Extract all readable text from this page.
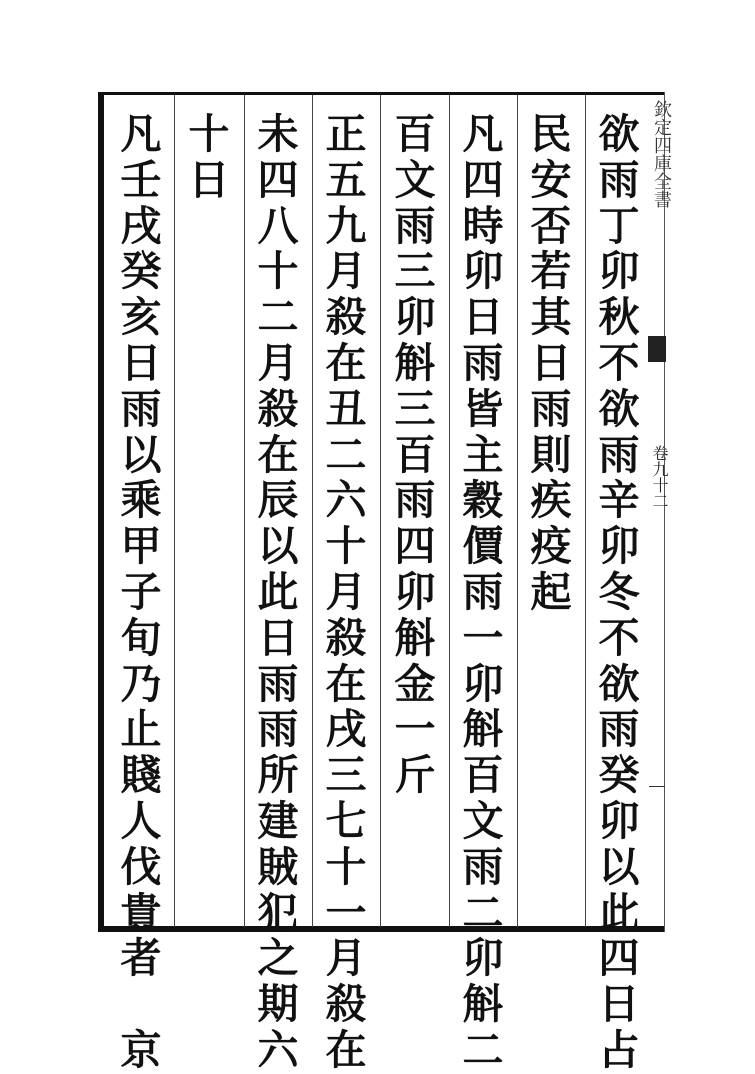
欲
雨
丁
卯
秋
不
欲
雨
辛
卯
冬
不
欲
雨
癸
卯
以
此
四
日
占
民
安
否
若
其
日
雨
則
疾
疫
起
凡
四
時
卯
日
雨
皆
主
穀
價
雨
一
卯
斛
百
文
雨
二
卯
斛
二
百
文
雨
三
卯
斛
三
百
雨
四
卯
斛
金
一
斤
正
五
九
月
殺
在
丑
二
六
十
月
殺
在
戌
三
七
十
一
月
殺
在
未
四
八
十
二
月
殺
在
辰
以
此
日
雨
雨
所
建
賊
犯
之
期
六
十
日
凡
壬
戌
癸
亥
日
雨
以
乘
甲
子
旬
乃
止
賤
人
伐
貴
者

京
欽定四庫全書
卷九十二
